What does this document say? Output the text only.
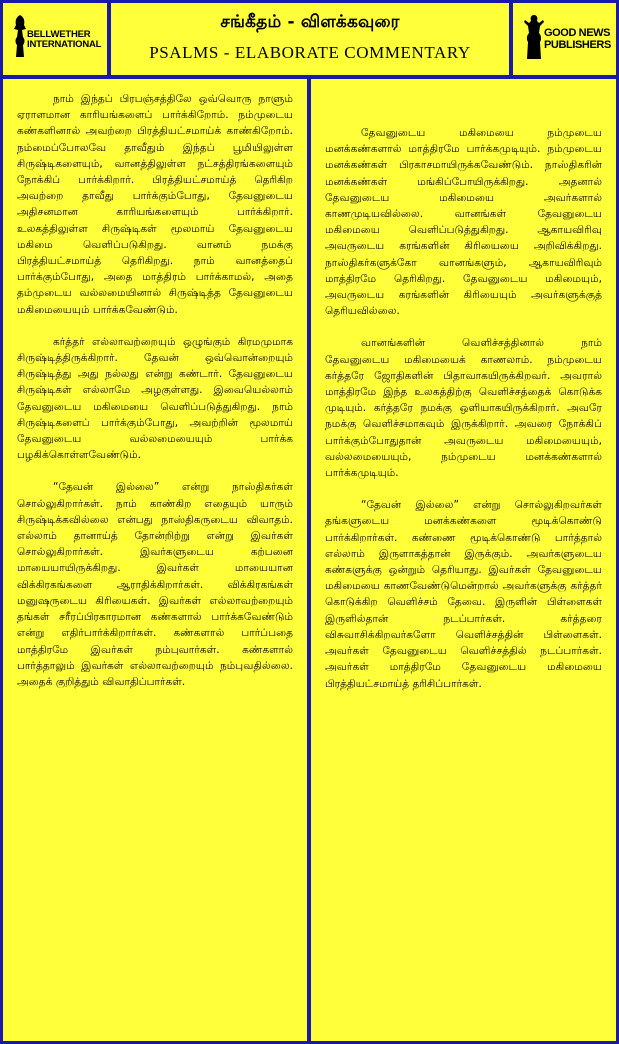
BELLWETHER
INTERNATIONAL
சங்கீதம் - விளக்கவுரை
PSALMS - ELABORATE COMMENTARY
GOOD NEWS
PUBLISHERS

நாம் இந்தப் பிரபஞ்சத்திலே ஒவ்வொரு நாளும் ஏராளமான காரியங்களைப் பார்க்கிறோம். நம்முடைய கண்களினால் அவற்றை பிரத்தியட்சமாய்க் காண்கிறோம். நம்மைப்போலவே தாவீதும் இந்தப் பூமியிலுள்ள சிருஷ்டிகளையும், வானத்திலுள்ள நட்சத்திரங்களையும் நோக்கிப் பார்க்கிறார். பிரத்தியட்சமாய்த் தெரிகிற அவற்றை தாவீது பார்க்கும்போது, தேவனுடைய அதிசனமான காரியங்களையும் பார்க்கிறார். உலகத்திலுள்ள சிருஷ்டிகள் மூலமாய் தேவனுடைய மகிமை வெளிப்படுகிறது. வானம் நமக்கு பிரத்தியட்சமாய்த் தெரிகிறது. நாம் வானத்தைப் பார்க்கும்போது, அதை மாத்திரம் பார்க்காமல், அதை தம்முடைய வல்லமையினால் சிருஷ்டித்த தேவனுடைய மகிமையையும் பார்க்கவேண்டும்.

கர்த்தர் எல்லாவற்றையும் ஒழுங்கும் கிரமமுமாக சிருஷ்டித்திருக்கிறார். தேவன் ஒவ்வொன்றையும் சிருஷ்டித்து அது நல்லது என்று கண்டார். தேவனுடைய சிருஷ்டிகள் எல்லாமே அழகுள்ளது. இவையெல்லாம் தேவனுடைய மகிமையை வெளிப்படுத்துகிறது. நாம் சிருஷ்டிகளைப் பார்க்கும்போது, அவற்றின் மூலமாய் தேவனுடைய வல்லமையையும் பார்க்க பழகிக்கொள்ளவேண்டும்.

“தேவன் இல்லை” என்று நாஸ்திகர்கள் சொல்லுகிறார்கள். நாம் காண்கிற எதையும் யாரும் சிருஷ்டிக்கவில்லை என்பது நாஸ்திகருடைய விவாதம். எல்லாம் தானாய்த் தோன்றிற்று என்று இவர்கள் சொல்லுகிறார்கள். இவர்களுடைய கற்பனை மாயையாயிருக்கிறது. இவர்கள் மாயையான விக்கிரகங்களை ஆராதிக்கிறார்கள். விக்கிரகங்கள் மனுஷருடைய கிரியைகள். இவர்கள் எல்லாவற்றையும் தங்கள் சரீரப்பிரகாரமான கண்களால் பார்க்கவேண்டும் என்று எதிர்பார்க்கிறார்கள். கண்களால் பார்ப்பதை மாத்திரமே இவர்கள் நம்புவார்கள். கண்களால் பார்த்தாலும் இவர்கள் எல்லாவற்றையும் நம்புவதில்லை. அதைக் குறித்தும் விவாதிப்பார்கள்.

தேவனுடைய மகிமையை நம்முடைய மனக்கண்களால் மாத்திரமே பார்க்கமுடியும். நம்முடைய மனக்கண்கள் பிரகாசமாயிருக்கவேண்டும். நாஸ்திகரின் மனக்கண்கள் மங்கிப்போயிருக்கிறது. அதனால் தேவனுடைய மகிமையை அவர்களால் காணமுடியவில்லை. வானங்கள் தேவனுடைய மகிமையை வெளிப்படுத்துகிறது. ஆகாயவிரிவு அவருடைய கரங்களின் கிரியையை அறிவிக்கிறது. நாஸ்திகர்களுக்கோ வானங்களும், ஆகாயவிரிவும் மாத்திரமே தெரிகிறது. தேவனுடைய மகிமையும், அவருடைய கரங்களின் கிரியையும் அவர்களுக்குத் தெரியவில்லை.

வானங்களின் வெளிச்சத்தினால் நாம் தேவனுடைய மகிமையைக் காணலாம். நம்முடைய கர்த்தரே ஜோதிகளின் பிதாவாகயிருக்கிறவர். அவரால் மாத்திரமே இந்த உலகத்திற்கு வெளிச்சத்தைக் கொடுக்க முடியும். கர்த்தரே நமக்கு ஒளியாகயிருக்கிறார். அவரே நமக்கு வெளிச்சமாகவும் இருக்கிறார். அவரை நோக்கிப் பார்க்கும்போதுதான் அவருடைய மகிமையையும், வல்லமையையும், நம்முடைய மனக்கண்களால் பார்க்கமுடியும்.

“தேவன் இல்லை” என்று சொல்லுகிறவர்கள் தங்களுடைய மனக்கண்களை மூடிக்கொண்டு பார்க்கிறார்கள். கண்ணை மூடிக்கொண்டு பார்த்தால் எல்லாம் இருளாகத்தான் இருக்கும். அவர்களுடைய கண்களுக்கு ஒன்றும் தெரியாது. இவர்கள் தேவனுடைய மகிமையை காணவேண்டுமென்றால் அவர்களுக்கு கர்த்தர் கொடுக்கிற வெளிச்சம் தேவை. இருளின் பிள்ளைகள் இருளில்தான் நடப்பார்கள். கர்த்தரை விசுவாசிக்கிறவர்களோ வெளிச்சத்தின் பிள்ளைகள். அவர்கள் தேவனுடைய வெளிச்சத்தில் நடப்பார்கள். அவர்கள் மாத்திரமே தேவனுடைய மகிமையை பிரத்தியட்சமாய்த் தரிசிப்பார்கள்.
